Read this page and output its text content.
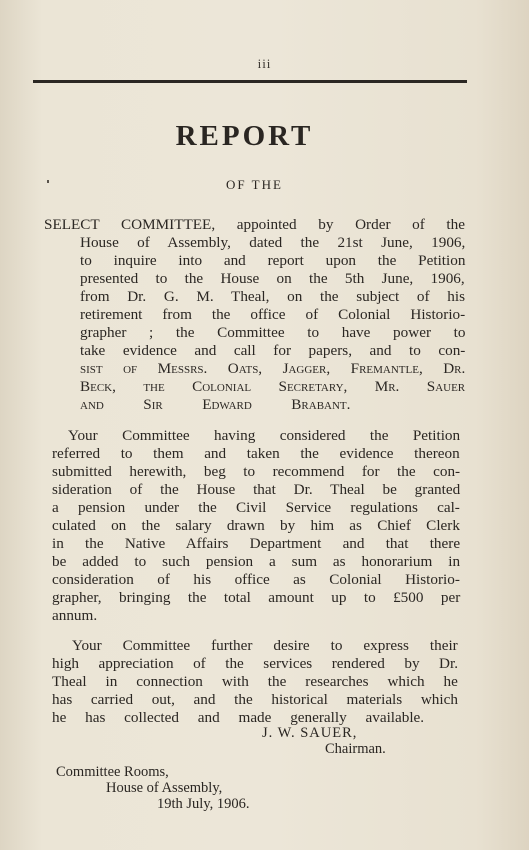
iii
REPORT
OF THE
SELECT COMMITTEE, appointed by Order of the
House of Assembly, dated the 21st June, 1906,
to inquire into and report upon the Petition
presented to the House on the 5th June, 1906,
from Dr. G. M. Theal, on the subject of his
retirement from the office of Colonial Historio-
grapher ; the Committee to have power to
take evidence and call for papers, and to con-
sist of Messrs. Oats, Jagger, Fremantle, Dr.
Beck, the Colonial Secretary, Mr. Sauer
and Sir Edward Brabant.
Your Committee having considered the Petition
referred to them and taken the evidence thereon
submitted herewith, beg to recommend for the con-
sideration of the House that Dr. Theal be granted
a pension under the Civil Service regulations cal-
culated on the salary drawn by him as Chief Clerk
in the Native Affairs Department and that there
be added to such pension a sum as honorarium in
consideration of his office as Colonial Historio-
grapher, bringing the total amount up to £500 per
annum.
Your Committee further desire to express their
high appreciation of the services rendered by Dr.
Theal in connection with the researches which he
has carried out, and the historical materials which
he has collected and made generally available.
J. W. SAUER,
Chairman.
Committee Rooms,
House of Assembly,
19th July, 1906.
